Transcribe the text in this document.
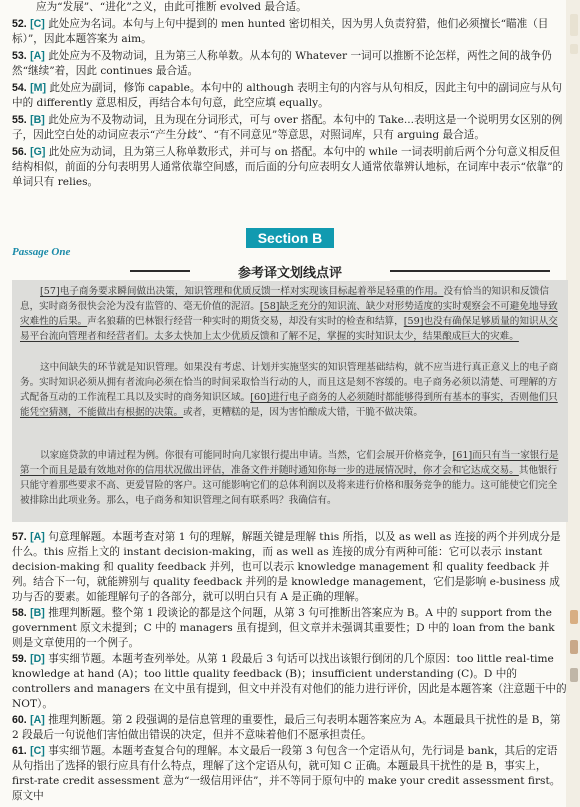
应为“发展”、“进化”之义，由此可推断 evolved 最合适。

52. [C] 此处应为名词。本句与上句中提到的 men hunted 密切相关，因为男人负责狩猎，他们必须擅长“瞄准（目标）”，因此本题答案为 aim。

53. [A] 此处应为不及物动词，且为第三人称单数。从本句的 Whatever 一词可以推断不论怎样，两性之间的战争仍然“继续”着，因此 continues 最合适。

54. [M] 此处应为副词，修饰 capable。本句中的 although 表明主句的内容与从句相反，因此主句中的副词应与从句中的 differently 意思相反，再结合本句句意，此空应填 equally。

55. [B] 此处应为不及物动词，且为现在分词形式，可与 over 搭配。本句中的 Take...表明这是一个说明男女区别的例子，因此空白处的动词应表示“产生分歧”、“有不同意见”等意思，对照词库，只有 arguing 最合适。

56. [G] 此处应为动词，且为第三人称单数形式，并可与 on 搭配。本句中的 while 一词表明前后两个分句意义相反但结构相似，前面的分句表明男人通常依靠空间感，而后面的分句应表明女人通常依靠辨认地标，在词库中表示“依靠”的单词只有 relies。

Section B
Passage One
参考译文划线点评

[57]电子商务要求瞬间做出决策，知识管理和优质反馈一样对实现该目标起着举足轻重的作用。没有恰当的知识和反馈信息，实时商务很快会沦为没有监管的、毫无价值的泥沼。[58]缺乏充分的知识流、缺少对形势适度的实时观察会不可避免地导致灾难性的后果。声名狼藉的巴林银行经营一种实时的期货交易，却没有实时的检查和结算，[59]也没有确保足够质量的知识从交易平台流向管理者和经营者们。太多太快加上太少优质反馈和了解不足，掌握的实时知识太少，结果酿成巨大的灾难。

这中间缺失的环节就是知识管理。如果没有考虑、计划并实施坚实的知识管理基础结构，就不应当进行真正意义上的电子商务。实时知识必须从拥有者流向必须在恰当的时间采取恰当行动的人，而且这是刻不容缓的。电子商务必须以清楚、可理解的方式配备互动的工作流程工具以及实时的商务知识区域。[60]进行电子商务的人必须随时都能够得到所有基本的事实，否则他们只能凭空猜测，不能做出有根据的决策。或者，更糟糕的是，因为害怕酿成大错，干脆不做决策。

以家庭贷款的申请过程为例。你很有可能同时向几家银行提出申请。当然，它们会展开价格竞争，[61]而只有当一家银行是第一个而且是最有效地对你的信用状况做出评估，准备文件并随时通知你每一步的进展情况时，你才会和它达成交易。其他银行只能守着那些要求不高、更爱冒险的客户。这可能影响它们的总体利润以及将来进行价格和服务竞争的能力。这可能使它们完全被排除出此项业务。那么，电子商务和知识管理之间有联系吗？我确信有。

57. [A] 句意理解题。本题考查对第 1 句的理解，解题关键是理解 this 所指，以及 as well as 连接的两个并列成分是什么。this 应指上文的 instant decision-making，而 as well as 连接的成分有两种可能：它可以表示 instant decision-making 和 quality feedback 并列，也可以表示 knowledge management 和 quality feedback 并列。结合下一句，就能辨别与 quality feedback 并列的是 knowledge management，它们是影响 e-business 成功与否的要素。如能理解句子的各部分，就可以明白只有 A 是正确的理解。

58. [B] 推理判断题。整个第 1 段谈论的都是这个问题，从第 3 句可推断出答案应为 B。A 中的 support from the government 原文未提到；C 中的 managers 虽有提到，但文章并未强调其重要性；D 中的 loan from the bank 则是文章使用的一个例子。

59. [D] 事实细节题。本题考查列举处。从第 1 段最后 3 句话可以找出该银行倒闭的几个原因：too little real-time knowledge at hand (A)；too little quality feedback (B)；insufficient understanding (C)。D 中的 controllers and managers 在文中虽有提到，但文中并没有对他们的能力进行评价，因此是本题答案（注意题干中的 NOT）。

60. [A] 推理判断题。第 2 段强调的是信息管理的重要性，最后三句表明本题答案应为 A。本题最具干扰性的是 B，第 2 段最后一句说他们害怕做出错误的决定，但并不意味着他们不愿承担责任。

61. [C] 事实细节题。本题考查复合句的理解。本文最后一段第 3 句包含一个定语从句，先行词是 bank，其后的定语从句指出了选择的银行应具有什么特点，理解了这个定语从句，就可知 C 正确。本题最具干扰性的是 B，事实上，first-rate credit assessment 意为“一级信用评估”，并不等同于原句中的 make your credit assessment first。原文中
